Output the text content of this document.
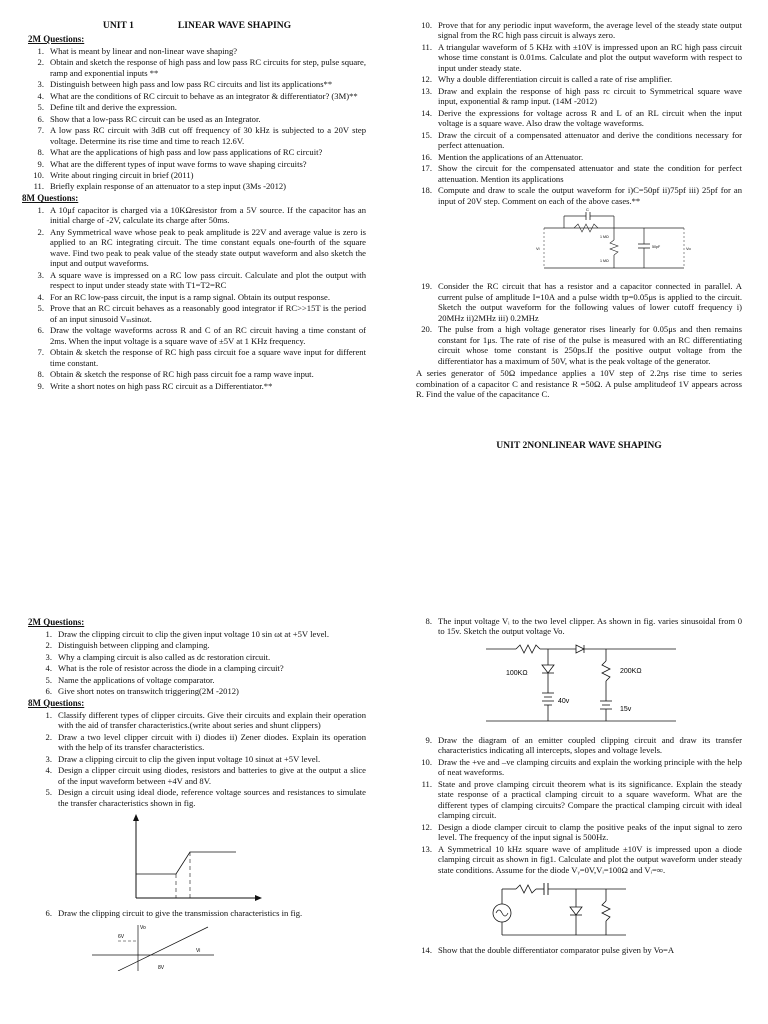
UNIT 1	LINEAR WAVE SHAPING
2M Questions:
1. What is meant by linear and non-linear wave shaping?
2. Obtain and sketch the response of high pass and low pass RC circuits for step, pulse square, ramp and exponential inputs **
3. Distinguish between high pass and low pass RC circuits and list its applications**
4. What are the conditions of RC circuit to behave as an integrator & differentiator? (3M)**
5. Define tilt and derive the expression.
6. Show that a low-pass RC circuit can be used as an Integrator.
7. A low pass RC circuit with 3dB cut off frequency of 30 kHz is subjected to a 20V step voltage. Determine its rise time and time to reach 12.6V.
8. What are the applications of high pass and low pass applications of RC circuit?
9. What are the different types of input wave forms to wave shaping circuits?
10. Write about ringing circuit in brief (2011)
11. Briefly explain response of an attenuator to a step input (3Ms -2012)
8M Questions:
1. A 10μf capacitor is charged via a 10KΩresistor from a 5V source. If the capacitor has an initial charge of -2V, calculate its charge after 50ms.
2. Any Symmetrical wave whose peak to peak amplitude is 22V and average value is zero is applied to an RC integrating circuit. The time constant equals one-fourth of the square wave. Find two peak to peak value of the steady state output waveform and also sketch the input and output waveforms.
3. A square wave is impressed on a RC low pass circuit. Calculate and plot the output with respect to input under steady state with T1=T2=RC
4. For an RC low-pass circuit, the input is a ramp signal. Obtain its output response.
5. Prove that an RC circuit behaves as a reasonably good integrator if RC>>15T is the period of an input sinusoid Vₘsinωt.
6. Draw the voltage waveforms across R and C of an RC circuit having a time constant of 2ms. When the input voltage is a square wave of ±5V at 1 KHz frequency.
7. Obtain & sketch the response of RC high pass circuit foe a square wave input for different time constant.
8. Obtain & sketch the response of RC high pass circuit foe a ramp wave input.
9. Write a short notes on high pass RC circuit as a Differentiator.**
10. Prove that for any periodic input waveform, the average level of the steady state output signal from the RC high pass circuit is always zero.
11. A triangular waveform of 5 KHz with ±10V is impressed upon an RC high pass circuit whose time constant is 0.01ms. Calculate and plot the output waveform with respect to input under steady state.
12. Why a double differentiation circuit is called a rate of rise amplifier.
13. Draw and explain the response of high pass rc circuit to Symmetrical square wave input, exponential & ramp input. (14M -2012)
14. Derive the expressions for voltage across R and L of an RL circuit when the input voltage is a square wave. Also draw the voltage waveforms.
15. Draw the circuit of a compensated attenuator and derive the conditions necessary for perfect attenuation.
16. Mention the applications of an Attenuator.
17. Show the circuit for the compensated attenuator and state the condition for perfect attenuation. Mention its applications
18. Compute and draw to scale the output waveform for i)C=50pf ii)75pf iii) 25pf for an input of 20V step. Comment on each of the above cases.**
C
1 MΩ
1 MΩ
50pF
Vi	Vo
19. Consider the RC circuit that has a resistor and a capacitor connected in parallel. A current pulse of amplitude I=10A and a pulse width tp=0.05μs is applied to the circuit. Sketch the output waveform for the following values of lower cutoff frequency i) 20MHz ii)2MHz iii) 0.2MHz
20. The pulse from a high voltage generator rises linearly for 0.05μs and then remains constant for 1μs. The rate of rise of the pulse is measured with an RC differentiating circuit whose tome constant is 250ps.If the positive output voltage from the differentiator has a maximum of 50V, what is the peak voltage of the generator.
A series generator of 50Ω impedance applies a 10V step of 2.2ηs rise time to series combination of a capacitor C and resistance R =50Ω. A pulse amplitudeof 1V appears across R. Find the value of the capacitance C.
UNIT 2NONLINEAR WAVE SHAPING
2M Questions:
1. Draw the clipping circuit to clip the given input voltage 10 sin ωt at +5V level.
2. Distinguish between clipping and clamping.
3. Why a clamping circuit is also called as dc restoration circuit.
4. What is the role of resistor across the diode in a clamping circuit?
5. Name the applications of voltage comparator.
6. Give short notes on transwitch triggering(2M -2012)
8M Questions:
1. Classify different types of clipper circuits. Give their circuits and explain their operation with the aid of transfer characteristics.(write about series and shunt clippers)
2. Draw a two level clipper circuit with i) diodes ii) Zener diodes. Explain its operation with the help of its transfer characteristics.
3. Draw a clipping circuit to clip the given input voltage 10 sinωt at +5V level.
4. Design a clipper circuit using diodes, resistors and batteries to give at the output a slice of the input waveform between +4V and 8V.
5. Design a circuit using ideal diode, reference voltage sources and resistances to simulate the transfer characteristics shown in fig.
6. Draw the clipping circuit to give the transmission characteristics in fig.
Vo
6V
Vi
8V
8. The input voltage Vᵢ to the two level clipper. As shown in fig. varies sinusoidal from 0 to 15v. Sketch the output voltage Vo.
100KΩ	200KΩ
40v
15v
9. Draw the diagram of an emitter coupled clipping circuit and draw its transfer characteristics indicating all intercepts, slopes and voltage levels.
10. Draw the +ve and –ve clamping circuits and explain the working principle with the help of neat waveforms.
11. State and prove clamping circuit theorem what is its significance. Explain the steady state response of a practical clamping circuit to a square waveform. What are the different types of clamping circuits? Compare the practical clamping circuit with ideal clamping circuit.
12. Design a diode clamper circuit to clamp the positive peaks of the input signal to zero level. The frequency of the input signal is 500Hz.
13. A Symmetrical 10 kHz square wave of amplitude ±10V is impressed upon a diode clamping circuit as shown in fig1. Calculate and plot the output waveform under steady state conditions. Assume for the diode Vᵧ=0V,Vᵢ=100Ω and Vᵢ=∞.
14. Show that the double differentiator comparator pulse given by Vo=A
